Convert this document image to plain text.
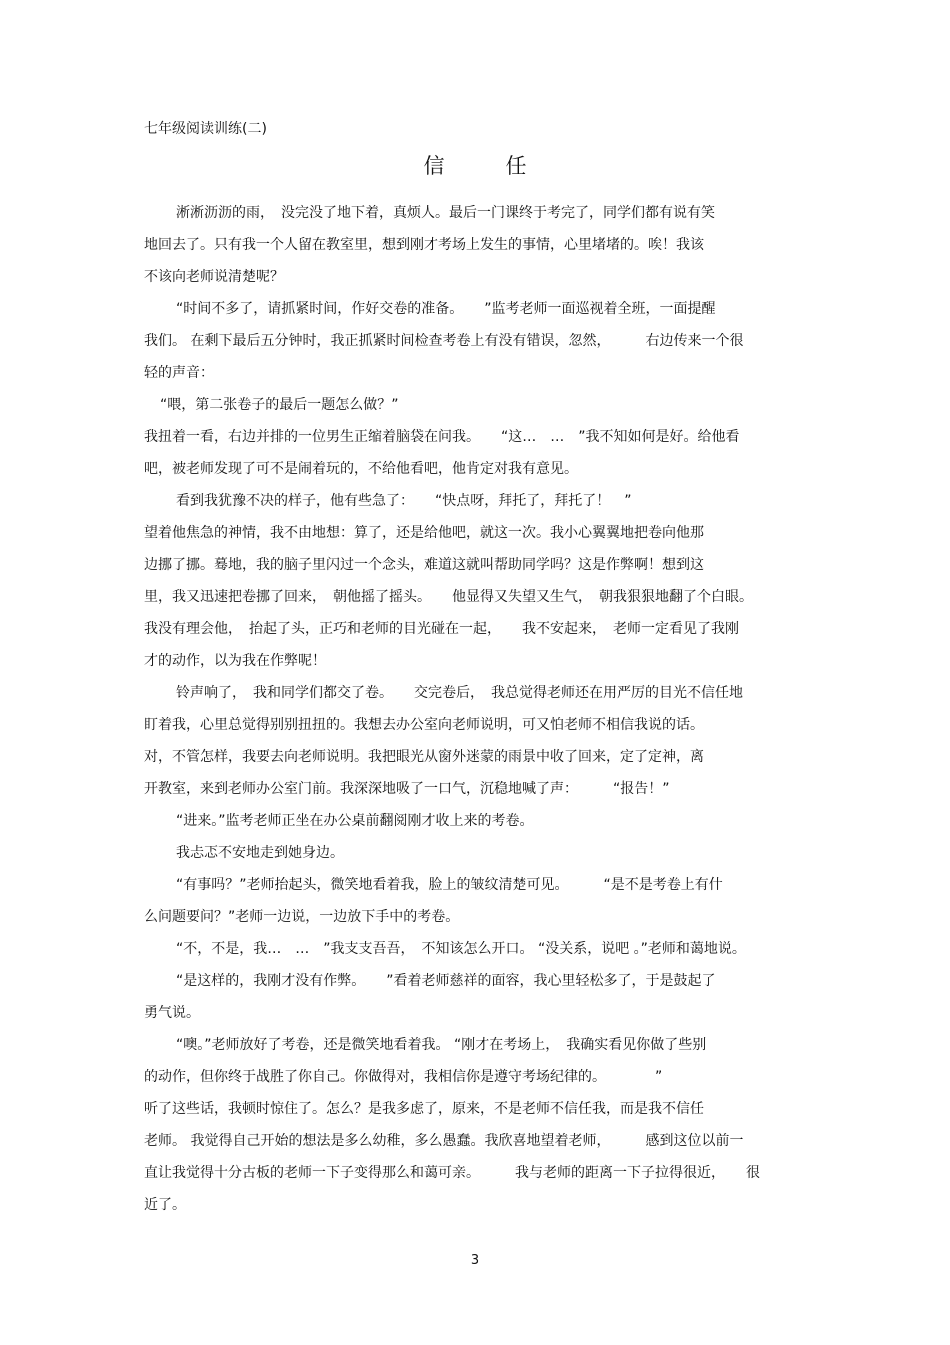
七年级阅读训练(二)
信　任
淅淅沥沥的雨，　没完没了地下着，真烦人。最后一门课终于考完了，同学们都有说有笑
地回去了。只有我一个人留在教室里，想到刚才考场上发生的事情，心里堵堵的。唉！我该
不该向老师说清楚呢？
“时间不多了，请抓紧时间，作好交卷的准备。　　”监考老师一面巡视着全班，一面提醒
我们。 在剩下最后五分钟时，我正抓紧时间检查考卷上有没有错误，忽然，　　　右边传来一个很
轻的声音：
“喂，第二张卷子的最后一题怎么做？”
我扭着一看，右边并排的一位男生正缩着脑袋在问我。　　“这…　…　”我不知如何是好。给他看
吧，被老师发现了可不是闹着玩的，不给他看吧，他肯定对我有意见。
看到我犹豫不决的样子，他有些急了：　　“快点呀，拜托了，拜托了！　”
望着他焦急的神情，我不由地想：算了，还是给他吧，就这一次。我小心翼翼地把卷向他那
边挪了挪。蓦地，我的脑子里闪过一个念头，难道这就叫帮助同学吗？这是作弊啊！想到这
里，我又迅速把卷挪了回来，　朝他摇了摇头。　　他显得又失望又生气，　朝我狠狠地翻了个白眼。
我没有理会他，　抬起了头，正巧和老师的目光碰在一起，　　我不安起来，　老师一定看见了我刚
才的动作，以为我在作弊呢！
铃声响了，　我和同学们都交了卷。　　交完卷后，　我总觉得老师还在用严厉的目光不信任地
盯着我，心里总觉得别别扭扭的。我想去办公室向老师说明，可又怕老师不相信我说的话。
对，不管怎样，我要去向老师说明。我把眼光从窗外迷蒙的雨景中收了回来，定了定神，离
开教室，来到老师办公室门前。我深深地吸了一口气，沉稳地喊了声：　　　“报告！”
“进来。”监考老师正坐在办公桌前翻阅刚才收上来的考卷。
我忐忑不安地走到她身边。
“有事吗？”老师抬起头，微笑地看着我，脸上的皱纹清楚可见。　　　“是不是考卷上有什
么问题要问？”老师一边说，一边放下手中的考卷。
“不，不是，我…　…　”我支支吾吾，　不知该怎么开口。 “没关系，说吧 。”老师和蔼地说。
“是这样的，我刚才没有作弊。　　”看着老师慈祥的面容，我心里轻松多了，于是鼓起了
勇气说。
“噢。”老师放好了考卷，还是微笑地看着我。 “刚才在考场上，　我确实看见你做了些别
的动作，但你终于战胜了你自己。你做得对，我相信你是遵守考场纪律的。　　　　”
听了这些话，我顿时惊住了。怎么？是我多虑了，原来，不是老师不信任我，而是我不信任
老师。 我觉得自己开始的想法是多么幼稚，多么愚蠢。我欣喜地望着老师，　　　感到这位以前一
直让我觉得十分古板的老师一下子变得那么和蔼可亲。　　　我与老师的距离一下子拉得很近，　　很
近了。
3
